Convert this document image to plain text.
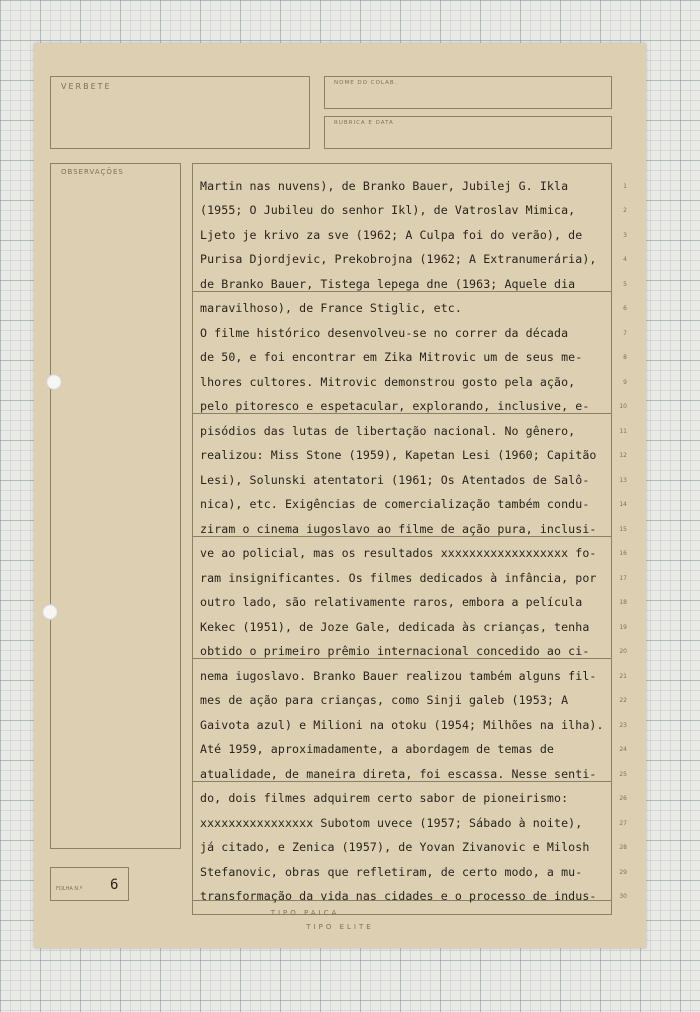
VERBETE	NOME DO COLAB.
RUBRICA E DATA
OBSERVAÇÕES
FOLHA N.º 6
Martin nas nuvens), de Branko Bauer, Jubilej G. Ikla
(1955; O Jubileu do senhor Ikl), de Vatroslav Mimica,
Ljeto je krivo za sve (1962; A Culpa foi do verão), de
Purisa Djordjevic, Prekobrojna (1962; A Extranumerária),
de Branko Bauer, Tistega lepega dne (1963; Aquele dia
maravilhoso), de France Stiglic, etc.
O filme histórico desenvolveu-se no correr da década
de 50, e foi encontrar em Zika Mitrovic um de seus me-
lhores cultores. Mitrovic demonstrou gosto pela ação,
pelo pitoresco e espetacular, explorando, inclusive, e-
pisódios das lutas de libertação nacional. No gênero,
realizou: Miss Stone (1959), Kapetan Lesi (1960; Capitão
Lesi), Solunski atentatori (1961; Os Atentados de Salô-
nica), etc. Exigências de comercialização também condu-
ziram o cinema iugoslavo ao filme de ação pura, inclusi-
ve ao policial, mas os resultados xxxxxxxxxxxxxxxxxx fo-
ram insignificantes. Os filmes dedicados à infância, por
outro lado, são relativamente raros, embora a película
Kekec (1951), de Joze Gale, dedicada às crianças, tenha
obtido o primeiro prêmio internacional concedido ao ci-
nema iugoslavo. Branko Bauer realizou também alguns fil-
mes de ação para crianças, como Sinji galeb (1953; A
Gaivota azul) e Milioni na otoku (1954; Milhões na ilha).
Até 1959, aproximadamente, a abordagem de temas de
atualidade, de maneira direta, foi escassa. Nesse senti-
do, dois filmes adquirem certo sabor de pioneirismo:
xxxxxxxxxxxxxxxx Subotom uvece (1957; Sábado à noite),
já citado, e Zenica (1957), de Yovan Zivanovic e Milosh
Stefanovic, obras que refletiram, de certo modo, a mu-
transformação da vida nas cidades e o processo de indus-
1
2
3
4
5
6
7
8
9
10
11
12
13
14
15
16
17
18
19
20
21
22
23
24
25
26
27
28
29
30
TIPO PAICA
TIPO ELITE
